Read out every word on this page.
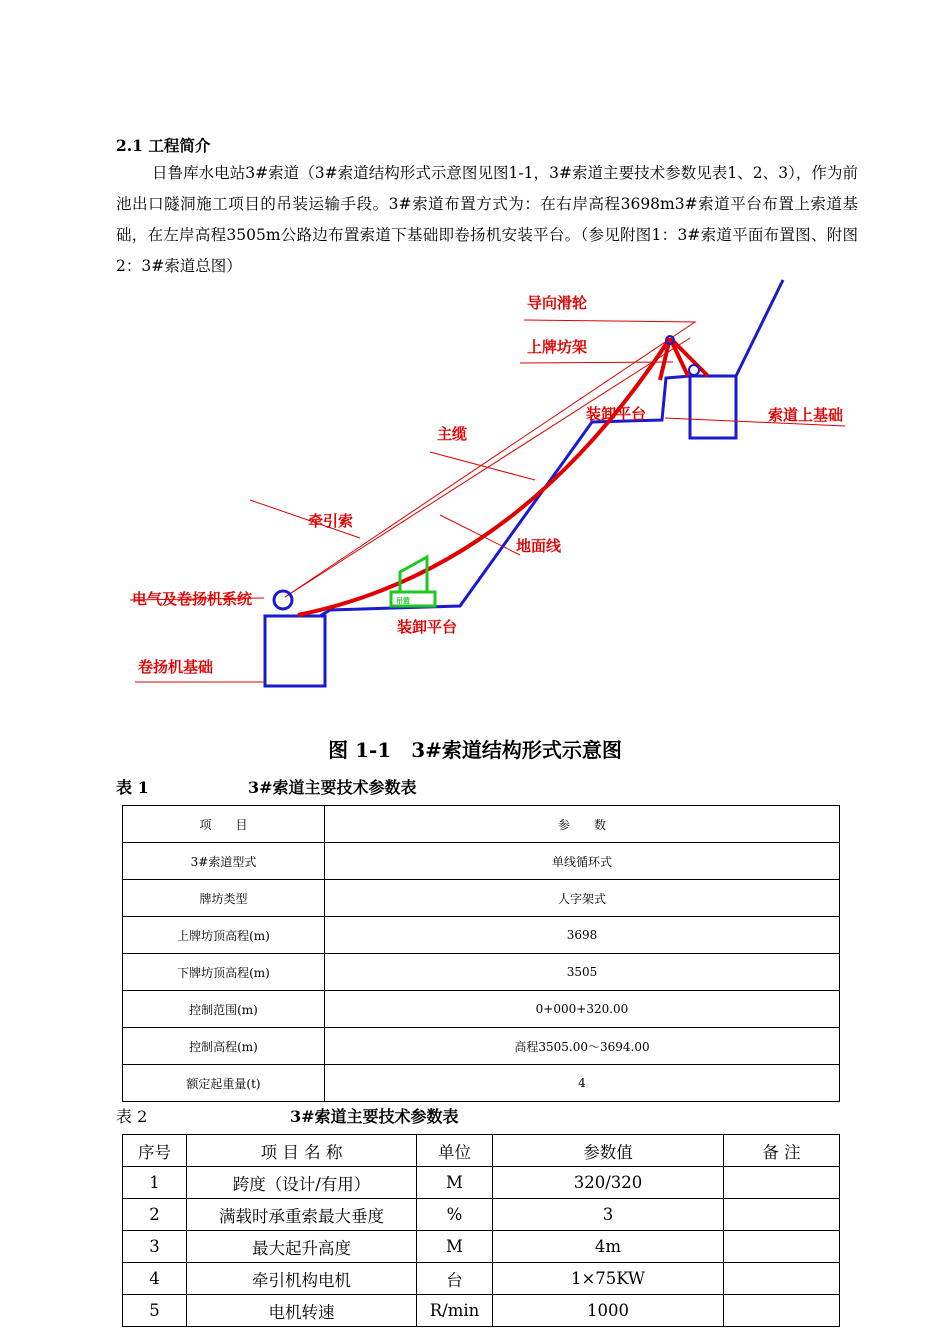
2.1 工程简介
日鲁库水电站3#索道（3#索道结构形式示意图见图1-1，3#索道主要技术参数见表1、2、3），作为前池出口隧洞施工项目的吊装运输手段。3#索道布置方式为：在右岸高程3698m3#索道平台布置上索道基础，在左岸高程3505m公路边布置索道下基础即卷扬机安装平台。（参见附图1：3#索道平面布置图、附图2：3#索道总图）
吊篮
导向滑轮
上牌坊架
装卸平台	索道上基础
主缆
牵引索
地面线
电气及卷扬机系统
装卸平台
卷扬机基础
图 1-1　3#索道结构形式示意图
表 1	3#索道主要技术参数表
项　　目	参　　数
3#索道型式	单线循环式
牌坊类型	人字架式
上牌坊顶高程(m)	3698
下牌坊顶高程(m)	3505
控制范围(m)	0+000+320.00
控制高程(m)	高程3505.00～3694.00
额定起重量(t)	4
表 2	3#索道主要技术参数表
序号	项 目 名 称	单位	参数值	备 注
1	跨度（设计/有用）	M	320/320	
2	满载时承重索最大垂度	%	3	
3	最大起升高度	M	4m	
4	牵引机构电机	台	1×75KW	
5	电机转速	R/min	1000	
